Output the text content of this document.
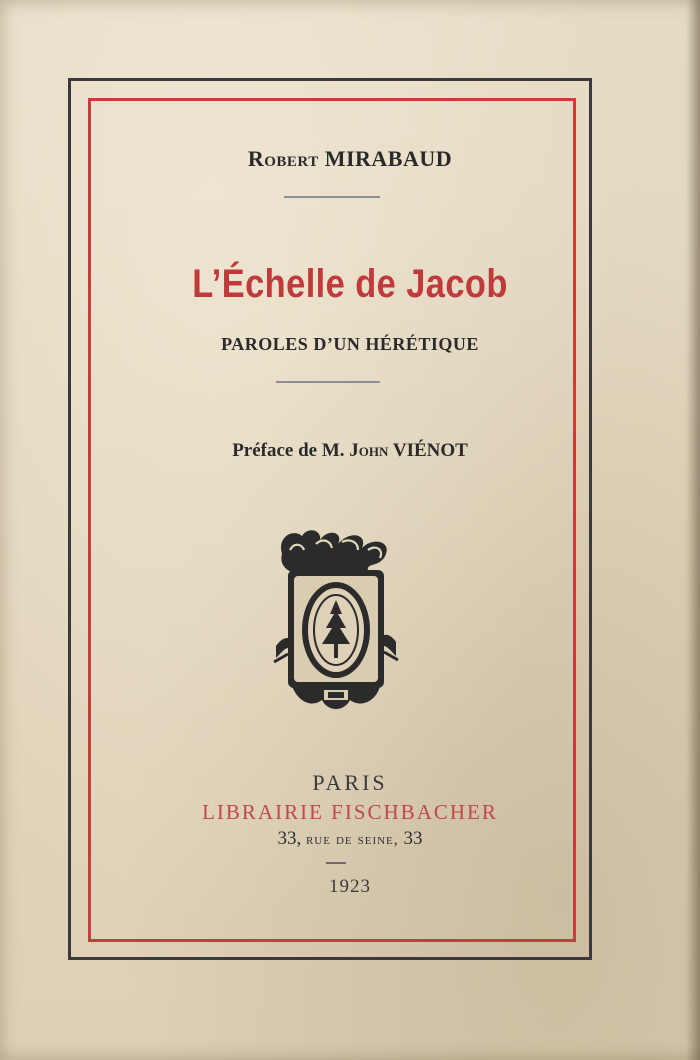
Robert MIRABAUD
L’Échelle de Jacob
PAROLES D’UN HÉRÉTIQUE
Préface de M. John VIÉNOT
PARIS
LIBRAIRIE FISCHBACHER
33, rue de seine, 33
1923
